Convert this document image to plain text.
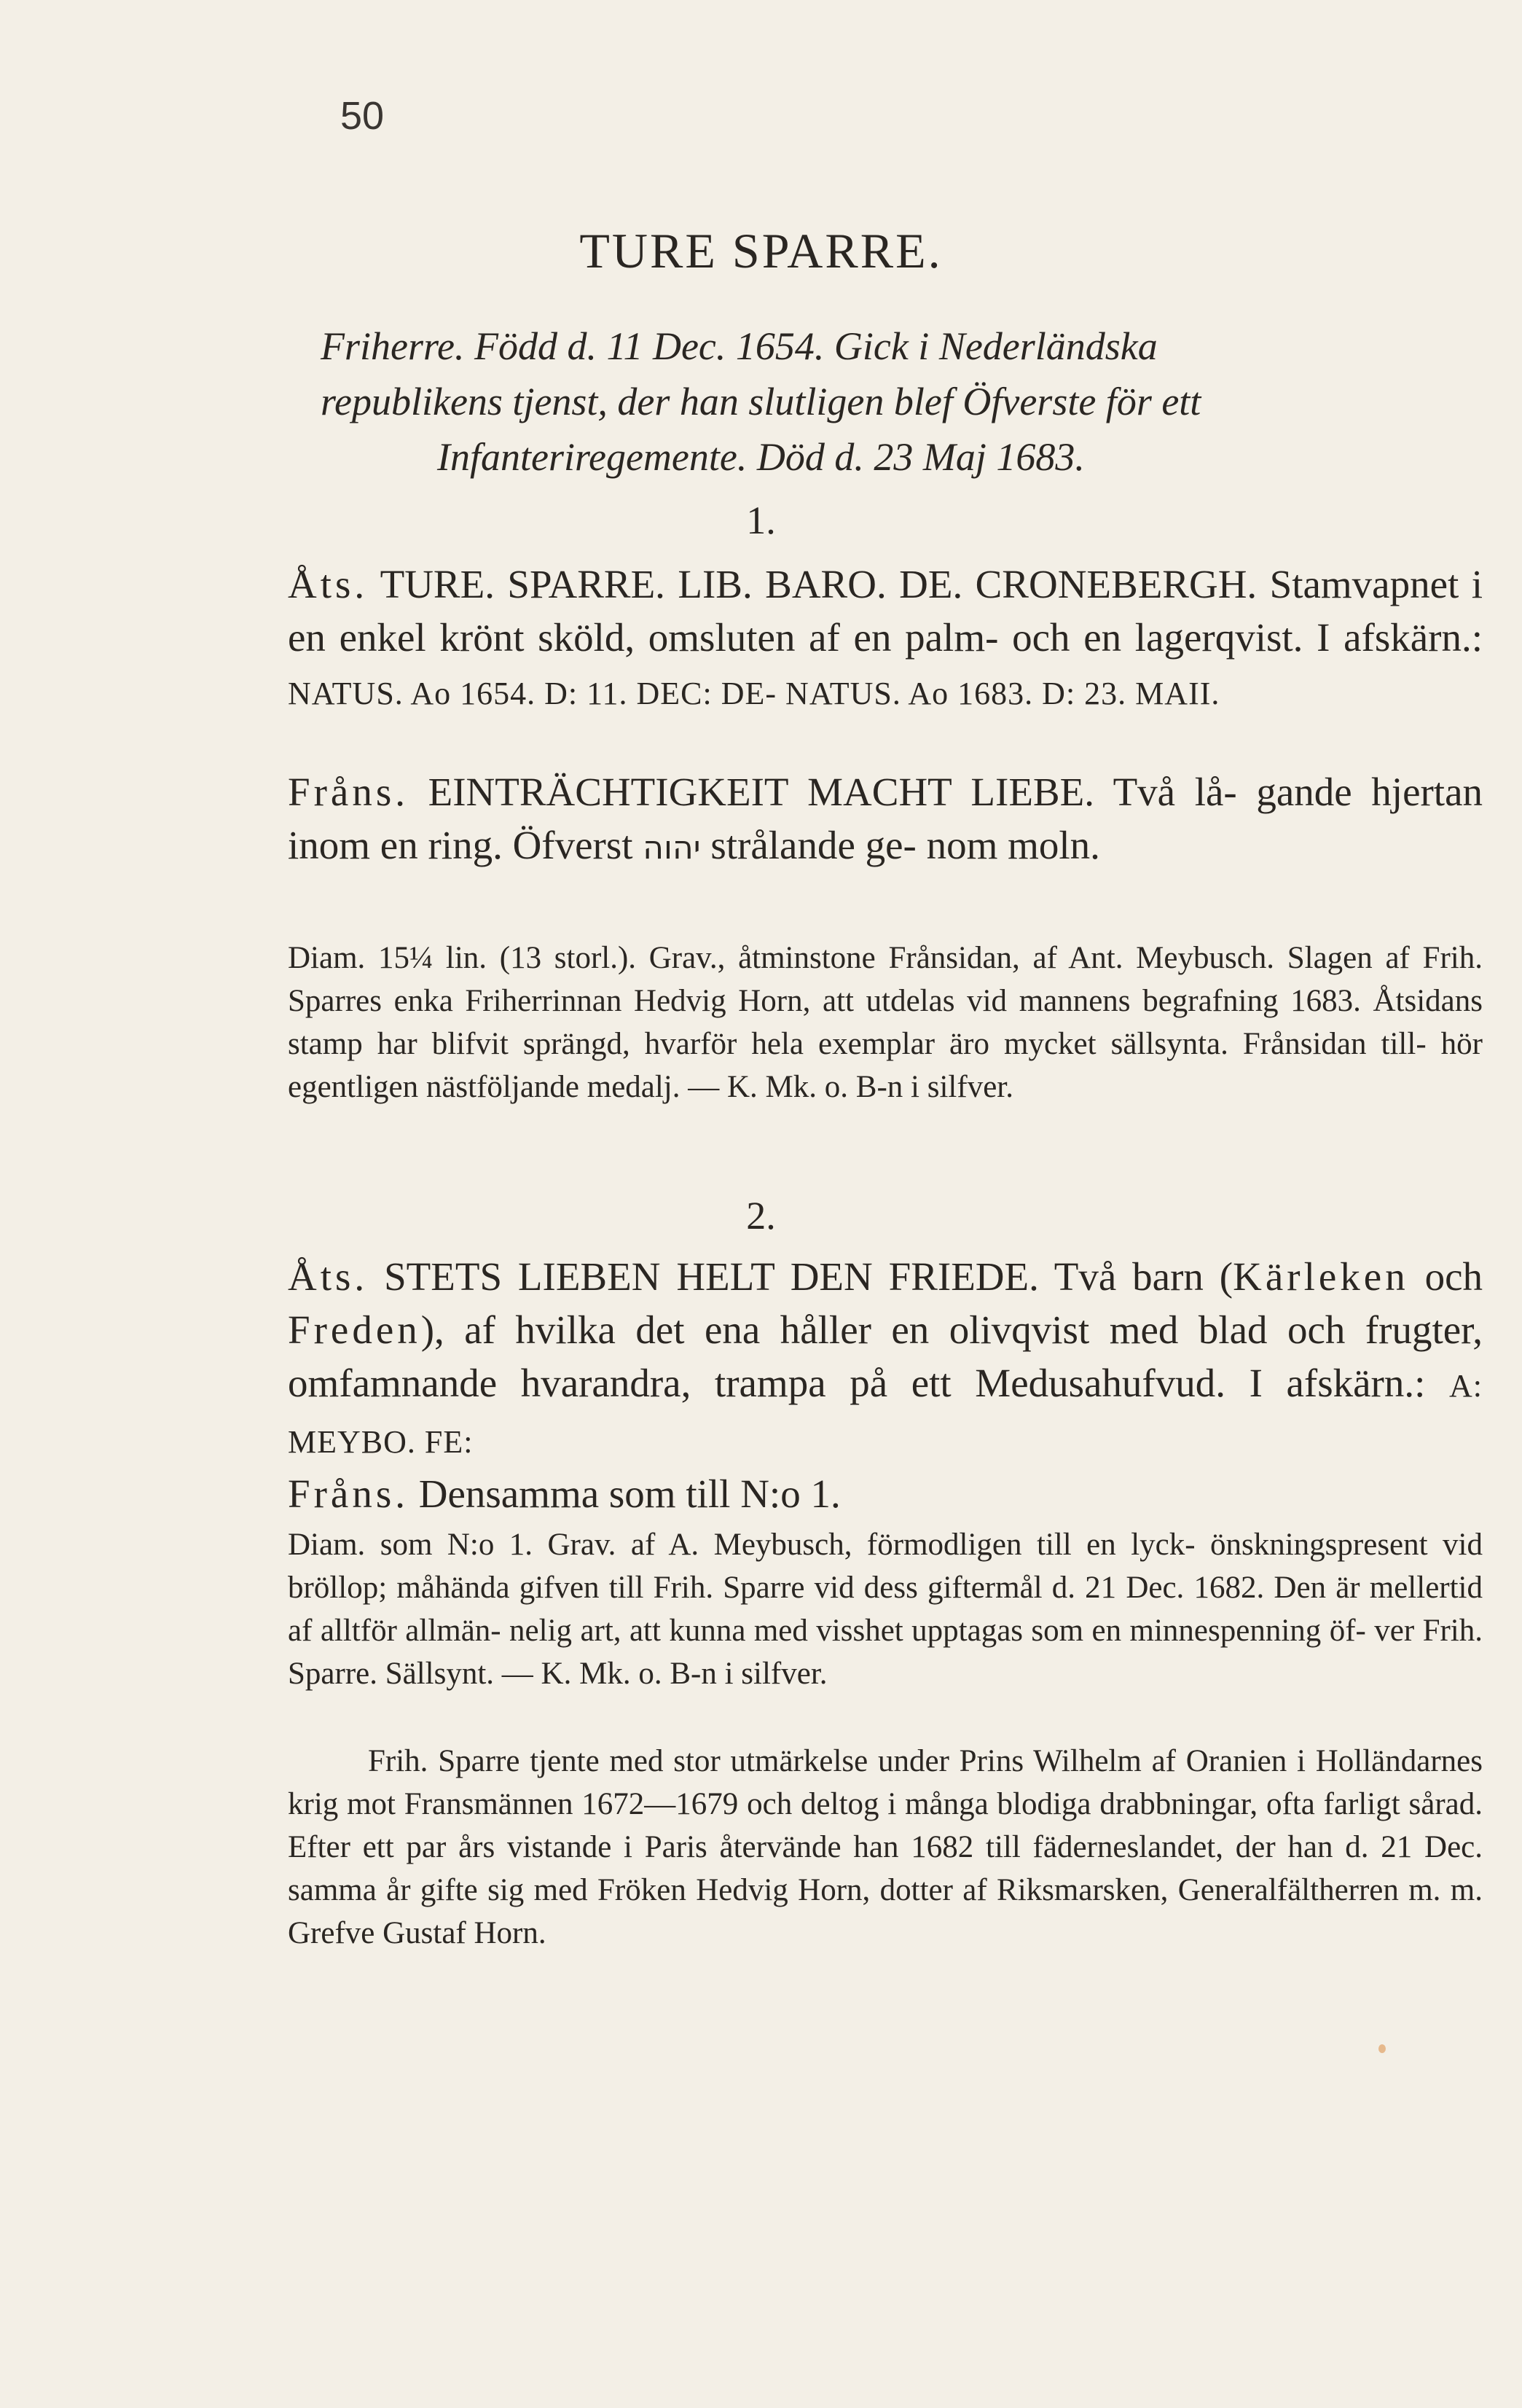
50
TURE SPARRE.
Friherre. Född d. 11 Dec. 1654. Gick i Nederländska
republikens tjenst, der han slutligen blef Öfverste för ett
Infanteriregemente. Död d. 23 Maj 1683.
1.
Åts. TURE. SPARRE. LIB. BARO. DE. CRONEBERGH. Stamvapnet i en enkel krönt sköld, omsluten af en palm- och en lagerqvist. I afskärn.: NATUS. Ao 1654. D: 11. DEC: DE- NATUS. Ao 1683. D: 23. MAII.
Fråns. EINTRÄCHTIGKEIT MACHT LIEBE. Två lå- gande hjertan inom en ring. Öfverst יהוה strålande ge- nom moln.
Diam. 15¼ lin. (13 storl.). Grav., åtminstone Frånsidan, af Ant. Meybusch. Slagen af Frih. Sparres enka Friherrinnan Hedvig Horn, att utdelas vid mannens begrafning 1683. Åtsidans stamp har blifvit sprängd, hvarför hela exemplar äro mycket sällsynta. Frånsidan till- hör egentligen nästföljande medalj. — K. Mk. o. B-n i silfver.
2.
Åts. STETS LIEBEN HELT DEN FRIEDE. Två barn (Kärleken och Freden), af hvilka det ena håller en olivqvist med blad och frugter, omfamnande hvarandra, trampa på ett Medusahufvud. I afskärn.: A: MEYBO. FE:
Fråns. Densamma som till N:o 1.
Diam. som N:o 1. Grav. af A. Meybusch, förmodligen till en lyck- önskningspresent vid bröllop; måhända gifven till Frih. Sparre vid dess giftermål d. 21 Dec. 1682. Den är mellertid af alltför allmän- nelig art, att kunna med visshet upptagas som en minnespenning öf- ver Frih. Sparre. Sällsynt. — K. Mk. o. B-n i silfver.
Frih. Sparre tjente med stor utmärkelse under Prins Wilhelm af Oranien i Holländarnes krig mot Fransmännen 1672—1679 och deltog i många blodiga drabbningar, ofta farligt sårad. Efter ett par års vistande i Paris återvände han 1682 till fäderneslandet, der han d. 21 Dec. samma år gifte sig med Fröken Hedvig Horn, dotter af Riksmarsken, Generalfältherren m. m. Grefve Gustaf Horn.
